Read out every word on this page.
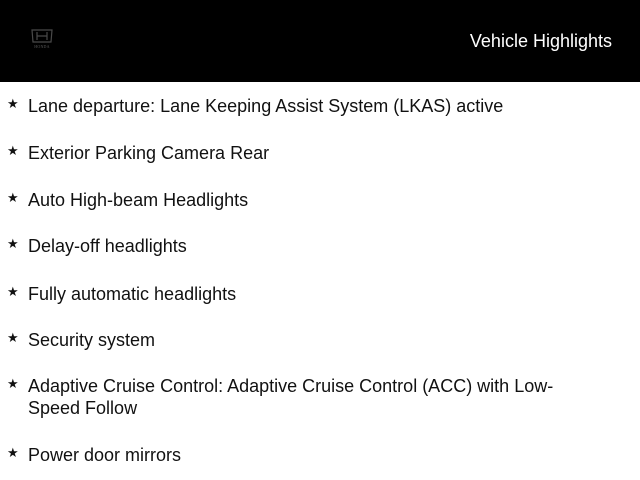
HONDA	Vehicle Highlights
★ Lane departure: Lane Keeping Assist System (LKAS) active
★ Exterior Parking Camera Rear
★ Auto High-beam Headlights
★ Delay-off headlights
★ Fully automatic headlights
★ Security system
★ Adaptive Cruise Control: Adaptive Cruise Control (ACC) with Low-Speed Follow
★ Power door mirrors
